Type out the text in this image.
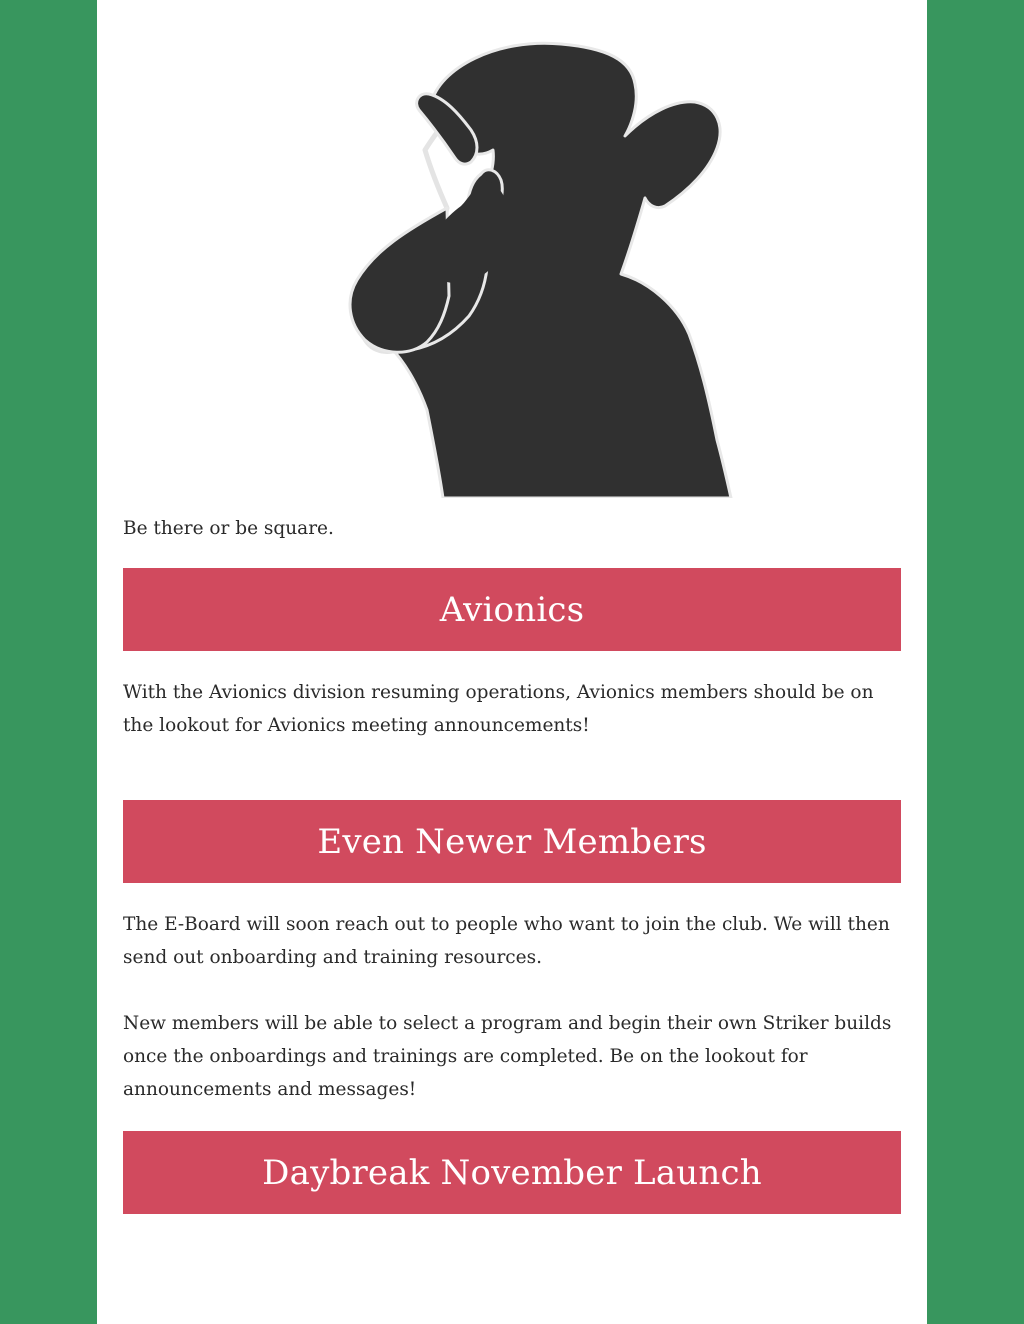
Be there or be square.

Avionics

With the Avionics division resuming operations, Avionics members should be on the lookout for Avionics meeting announcements!

Even Newer Members

The E-Board will soon reach out to people who want to join the club. We will then send out onboarding and training resources.

New members will be able to select a program and begin their own Striker builds once the onboardings and trainings are completed. Be on the lookout for announcements and messages!

Daybreak November Launch
